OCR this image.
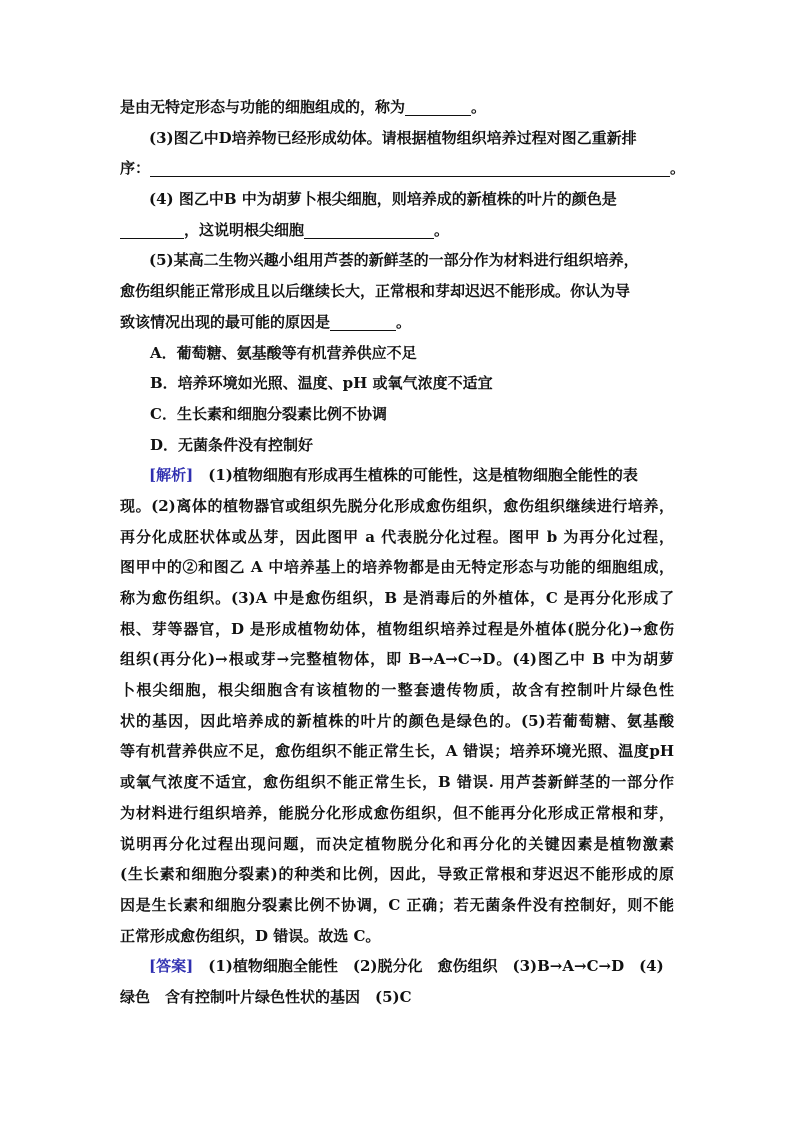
是由无特定形态与功能的细胞组成的，称为	。
(3)图乙中D培养物已经形成幼体。请根据植物组织培养过程对图乙重新排
序：	。
(4) 图乙中B 中为胡萝卜根尖细胞，则培养成的新植株的叶片的颜色是
，这说明根尖细胞	。
(5)某高二生物兴趣小组用芦荟的新鲜茎的一部分作为材料进行组织培养，
愈伤组织能正常形成且以后继续长大，正常根和芽却迟迟不能形成。你认为导
致该情况出现的最可能的原因是	。
A．葡萄糖、氨基酸等有机营养供应不足
B．培养环境如光照、温度、pH 或氧气浓度不适宜
C．生长素和细胞分裂素比例不协调
D．无菌条件没有控制好
[解析]　 (1)植物细胞有形成再生植株的可能性，这是植物细胞全能性的表
现。(2)离体的植物器官或组织先脱分化形成愈伤组织，愈伤组织继续进行培养，
再分化成胚状体或丛芽，因此图甲 a 代表脱分化过程。图甲 b 为再分化过程，
图甲中的②和图乙 A 中培养基上的培养物都是由无特定形态与功能的细胞组成，
称为愈伤组织。(3)A 中是愈伤组织，B 是消毒后的外植体，C 是再分化形成了
根、芽等器官，D 是形成植物幼体，植物组织培养过程是外植体(脱分化)→愈伤
组织(再分化)→根或芽→完整植物体，即 B→A→C→D。(4)图乙中 B 中为胡萝
卜根尖细胞，根尖细胞含有该植物的一整套遗传物质，故含有控制叶片绿色性
状的基因，因此培养成的新植株的叶片的颜色是绿色的。(5)若葡萄糖、氨基酸
等有机营养供应不足，愈伤组织不能正常生长，A 错误；培养环境光照、温度pH
或氧气浓度不适宜，愈伤组织不能正常生长，B 错误. 用芦荟新鲜茎的一部分作
为材料进行组织培养，能脱分化形成愈伤组织，但不能再分化形成正常根和芽，
说明再分化过程出现问题，而决定植物脱分化和再分化的关键因素是植物激素
(生长素和细胞分裂素)的种类和比例，因此，导致正常根和芽迟迟不能形成的原
因是生长素和细胞分裂素比例不协调，C 正确；若无菌条件没有控制好，则不能
正常形成愈伤组织，D 错误。故选 C。
[答案]　 (1)植物细胞全能性　(2)脱分化　愈伤组织　(3)B→A→C→D　(4)
绿色　含有控制叶片绿色性状的基因　(5)C
